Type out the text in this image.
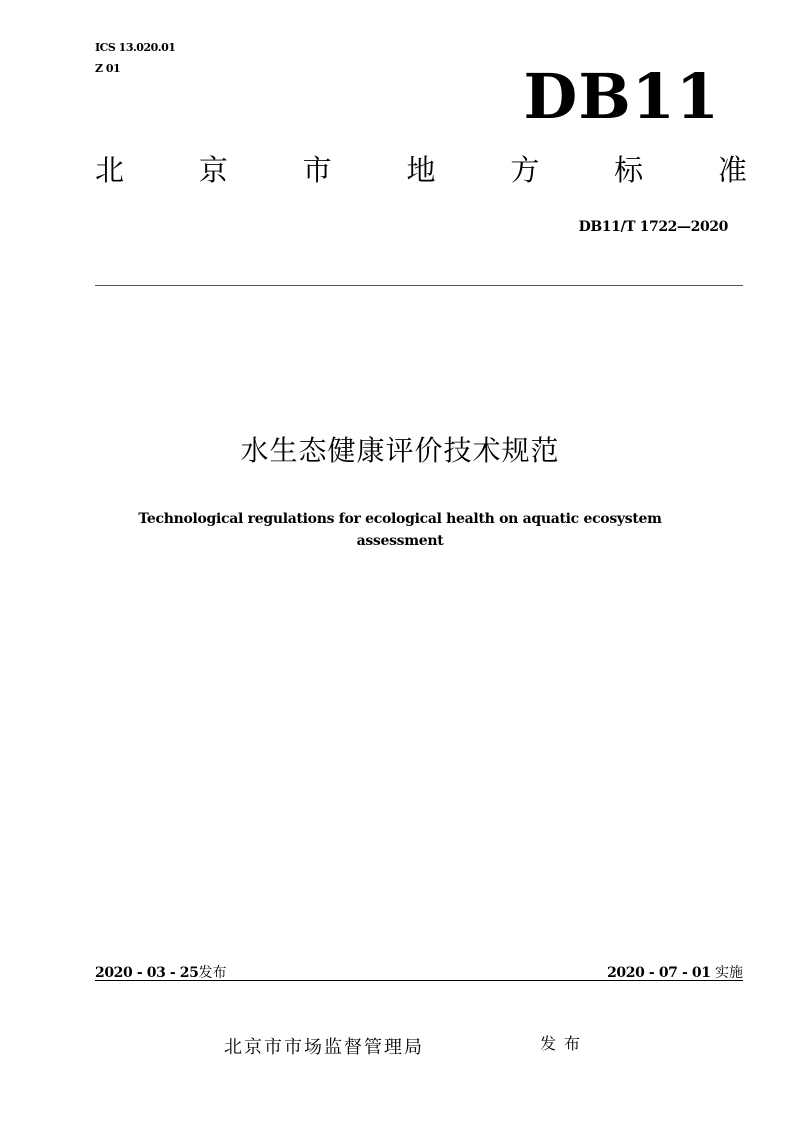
ICS 13.020.01
Z 01	DB11
北	京	市	地	方	标	准
DB11/T 1722—2020
水生态健康评价技术规范
Technological regulations for ecological health on aquatic ecosystem
assessment
2020 - 03 - 25发布	2020 - 07 - 01 实施
北京市市场监督管理局	发布
